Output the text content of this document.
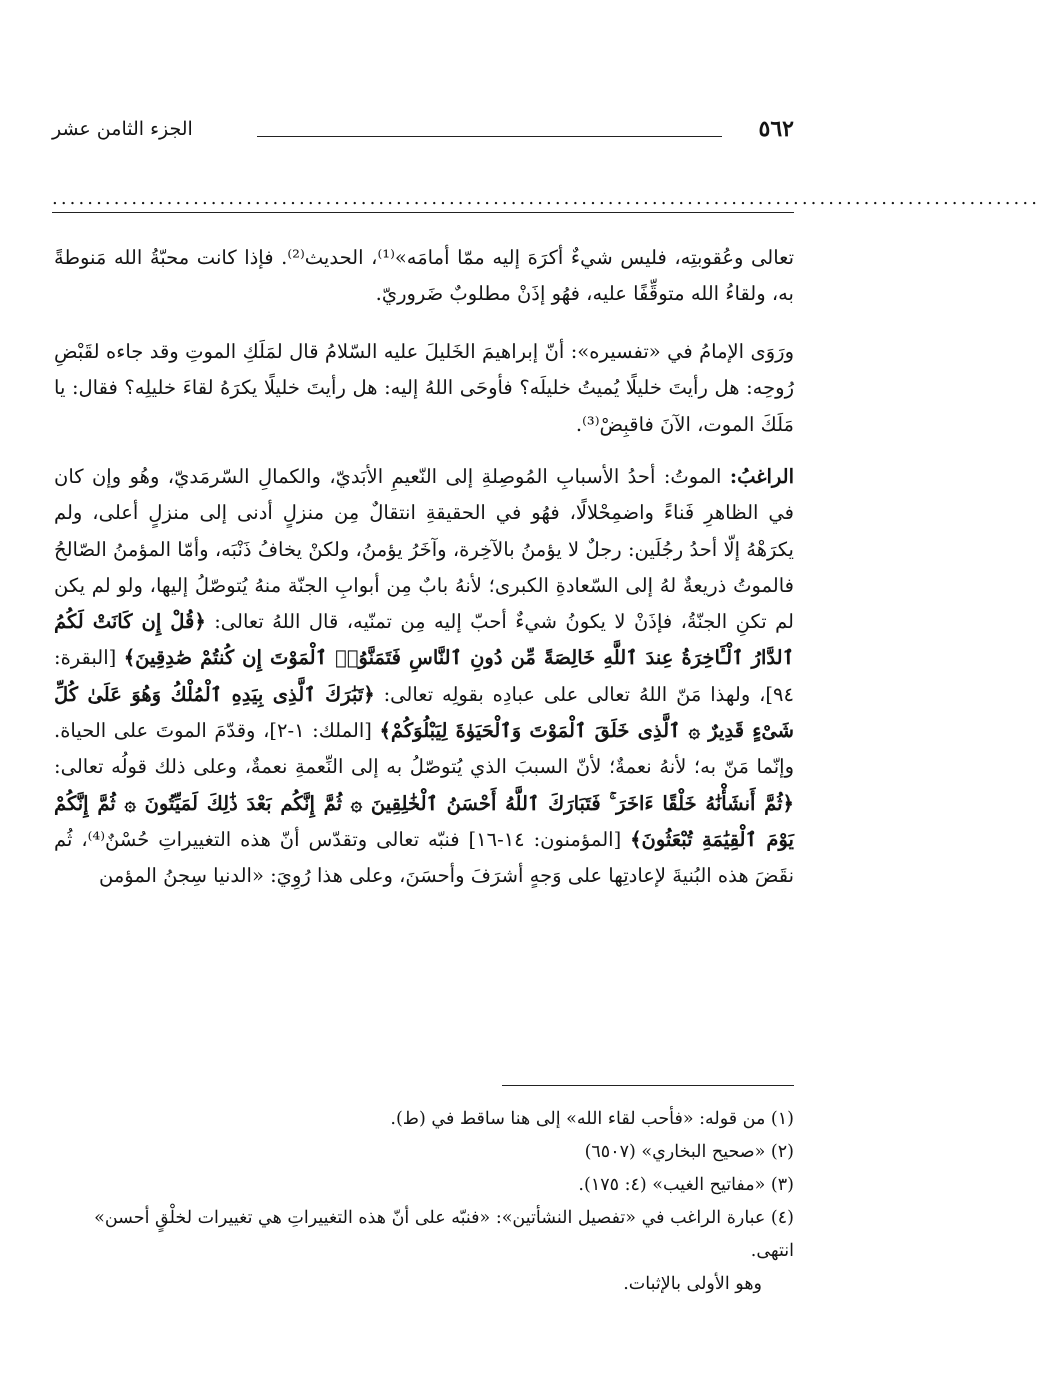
٥٦٢
الجزء الثامن عشر
................................................................................................................

تعالى وعُقوبتِه، فليس شيءٌ أكرَهَ إليه ممّا أمامَه»⁽¹⁾، الحديث⁽²⁾. فإذا كانت محبّةُ الله مَنوطةً به، ولقاءُ الله متوقِّفًا عليه، فهُو إذَنْ مطلوبٌ ضَروريّ.

ورَوَى الإمامُ في «تفسيره»: أنّ إبراهيمَ الخَليلَ عليه السّلامُ قال لمَلَكِ الموتِ وقد جاءه لقَبْضِ رُوحِه: هل رأيتَ خليلًا يُميتُ خليلَه؟ فأوحَى اللهُ إليه: هل رأيتَ خليلًا يكرَهُ لقاءَ خليلِه؟ فقال: يا مَلَكَ الموت، الآنَ فاقبِضْ⁽³⁾.

الراغبُ: الموتُ: أحدُ الأسبابِ المُوصِلةِ إلى النّعيمِ الأبَديّ، والكمالِ السّرمَديّ، وهُو وإن كان في الظاهرِ فَناءً واضمِحْلالًا، فهُو في الحقيقةِ انتقالٌ مِن منزلٍ أدنى إلى منزلٍ أعلى، ولم يكرَهْهُ إلّا أحدُ رجُلَين: رجلٌ لا يؤمنُ بالآخِرة، وآخَرُ يؤمنُ، ولكنْ يخافُ ذَنْبَه، وأمّا المؤمنُ الصّالحُ فالموتُ ذريعةٌ لهُ إلى السّعادةِ الكبرى؛ لأنهُ بابٌ مِن أبوابِ الجنّة منهُ يُتوصّلُ إليها، ولو لم يكن لم تكنِ الجنّةُ، فإذَنْ لا يكونُ شيءٌ أحبّ إليه مِن تمنّيه، قال اللهُ تعالى: ﴿قُلْ إِن كَانَتْ لَكُمُ ٱلدَّارُ ٱلْـَٔاخِرَةُ عِندَ ٱللَّهِ خَالِصَةً مِّن دُونِ ٱلنَّاسِ فَتَمَنَّوُا۟ ٱلْمَوْتَ إِن كُنتُمْ صَٰدِقِينَ﴾ [البقرة: ٩٤]، ولهذا مَنّ اللهُ تعالى على عبادِه بقولِه تعالى: ﴿تَبَٰرَكَ ٱلَّذِى بِيَدِهِ ٱلْمُلْكُ وَهُوَ عَلَىٰ كُلِّ شَىْءٍ قَدِيرٌ ۞ ٱلَّذِى خَلَقَ ٱلْمَوْتَ وَٱلْحَيَوٰةَ لِيَبْلُوَكُمْ﴾ [الملك: ١-٢]، وقدّمَ الموتَ على الحياة. وإنّما مَنّ به؛ لأنهُ نعمةٌ؛ لأنّ السببَ الذي يُتوصّلُ به إلى النِّعمةِ نعمةٌ، وعلى ذلك قولُه تعالى: ﴿ثُمَّ أَنشَأْنَٰهُ خَلْقًا ءَاخَرَ ۚ فَتَبَارَكَ ٱللَّهُ أَحْسَنُ ٱلْخَٰلِقِينَ ۞ ثُمَّ إِنَّكُم بَعْدَ ذَٰلِكَ لَمَيِّتُونَ ۞ ثُمَّ إِنَّكُمْ يَوْمَ ٱلْقِيَٰمَةِ تُبْعَثُونَ﴾ [المؤمنون: ١٤-١٦] فنبّه تعالى وتقدّس أنّ هذه التغييراتِ حُسْنٌ⁽⁴⁾، ثُم نقَضَ هذه البُنيةَ لإعادتِها على وَجهٍ أشرَفَ وأحسَنَ، وعلى هذا رُوِيَ: «الدنيا سِجنُ المؤمن

(١) من قوله: «فأحب لقاء الله» إلى هنا ساقط في (ط).

(٢) «صحيح البخاري» (٦٥٠٧)

(٣) «مفاتيح الغيب» (٤: ١٧٥).

(٤) عبارة الراغب في «تفصيل النشأتين»: «فنبّه على أنّ هذه التغييراتِ هي تغييرات لخلْقٍ أحسن» انتهى.

وهو الأولى بالإثبات.
